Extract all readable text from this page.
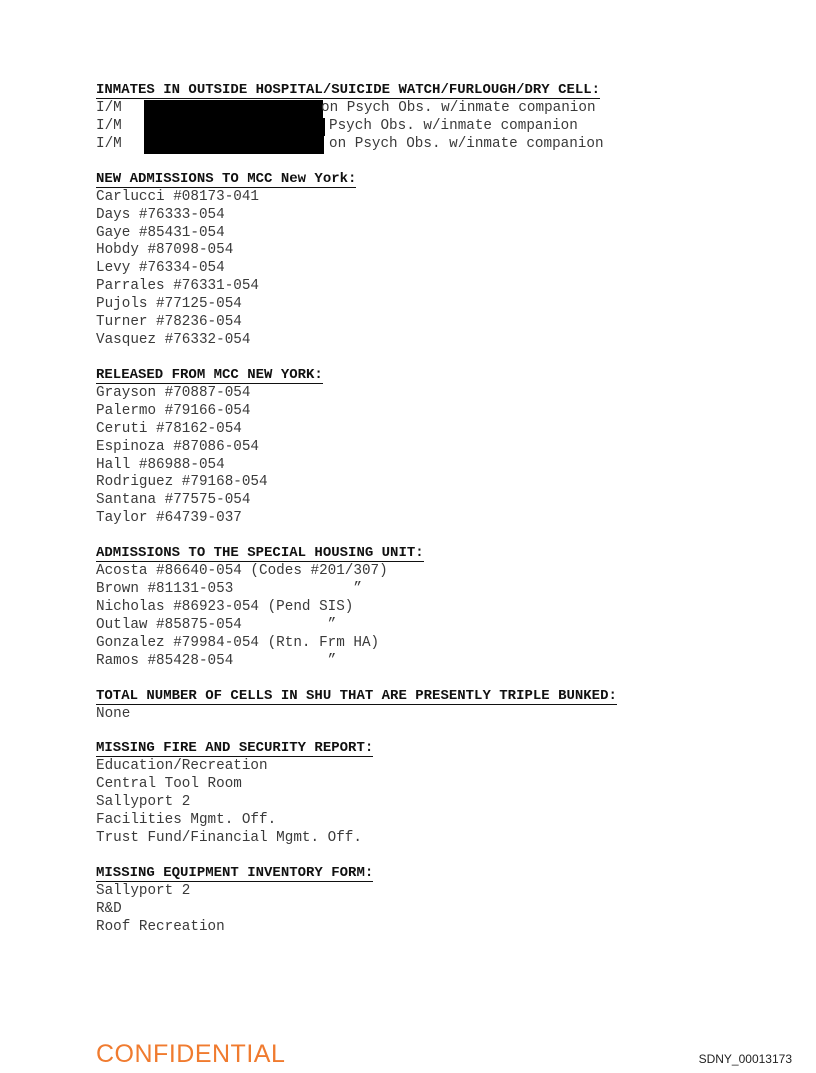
INMATES IN OUTSIDE HOSPITAL/SUICIDE WATCH/FURLOUGH/DRY CELL:
I/M	on Psych Obs. w/inmate companion
I/M	Psych Obs. w/inmate companion
I/M	on Psych Obs. w/inmate companion
NEW ADMISSIONS TO MCC New York:
Carlucci #08173-041
Days #76333-054
Gaye #85431-054
Hobdy #87098-054
Levy #76334-054
Parrales #76331-054
Pujols #77125-054
Turner #78236-054
Vasquez #76332-054
RELEASED FROM MCC NEW YORK:
Grayson #70887-054
Palermo #79166-054
Ceruti #78162-054
Espinoza #87086-054
Hall #86988-054
Rodriguez #79168-054
Santana #77575-054
Taylor #64739-037
ADMISSIONS TO THE SPECIAL HOUSING UNIT:
Acosta #86640-054 (Codes #201/307)
Brown #81131-053              ”
Nicholas #86923-054 (Pend SIS)
Outlaw #85875-054          ”
Gonzalez #79984-054 (Rtn. Frm HA)
Ramos #85428-054           ”
TOTAL NUMBER OF CELLS IN SHU THAT ARE PRESENTLY TRIPLE BUNKED:
None
MISSING FIRE AND SECURITY REPORT:
Education/Recreation
Central Tool Room
Sallyport 2
Facilities Mgmt. Off.
Trust Fund/Financial Mgmt. Off.
MISSING EQUIPMENT INVENTORY FORM:
Sallyport 2
R&D
Roof Recreation
CONFIDENTIAL	SDNY_00013173
